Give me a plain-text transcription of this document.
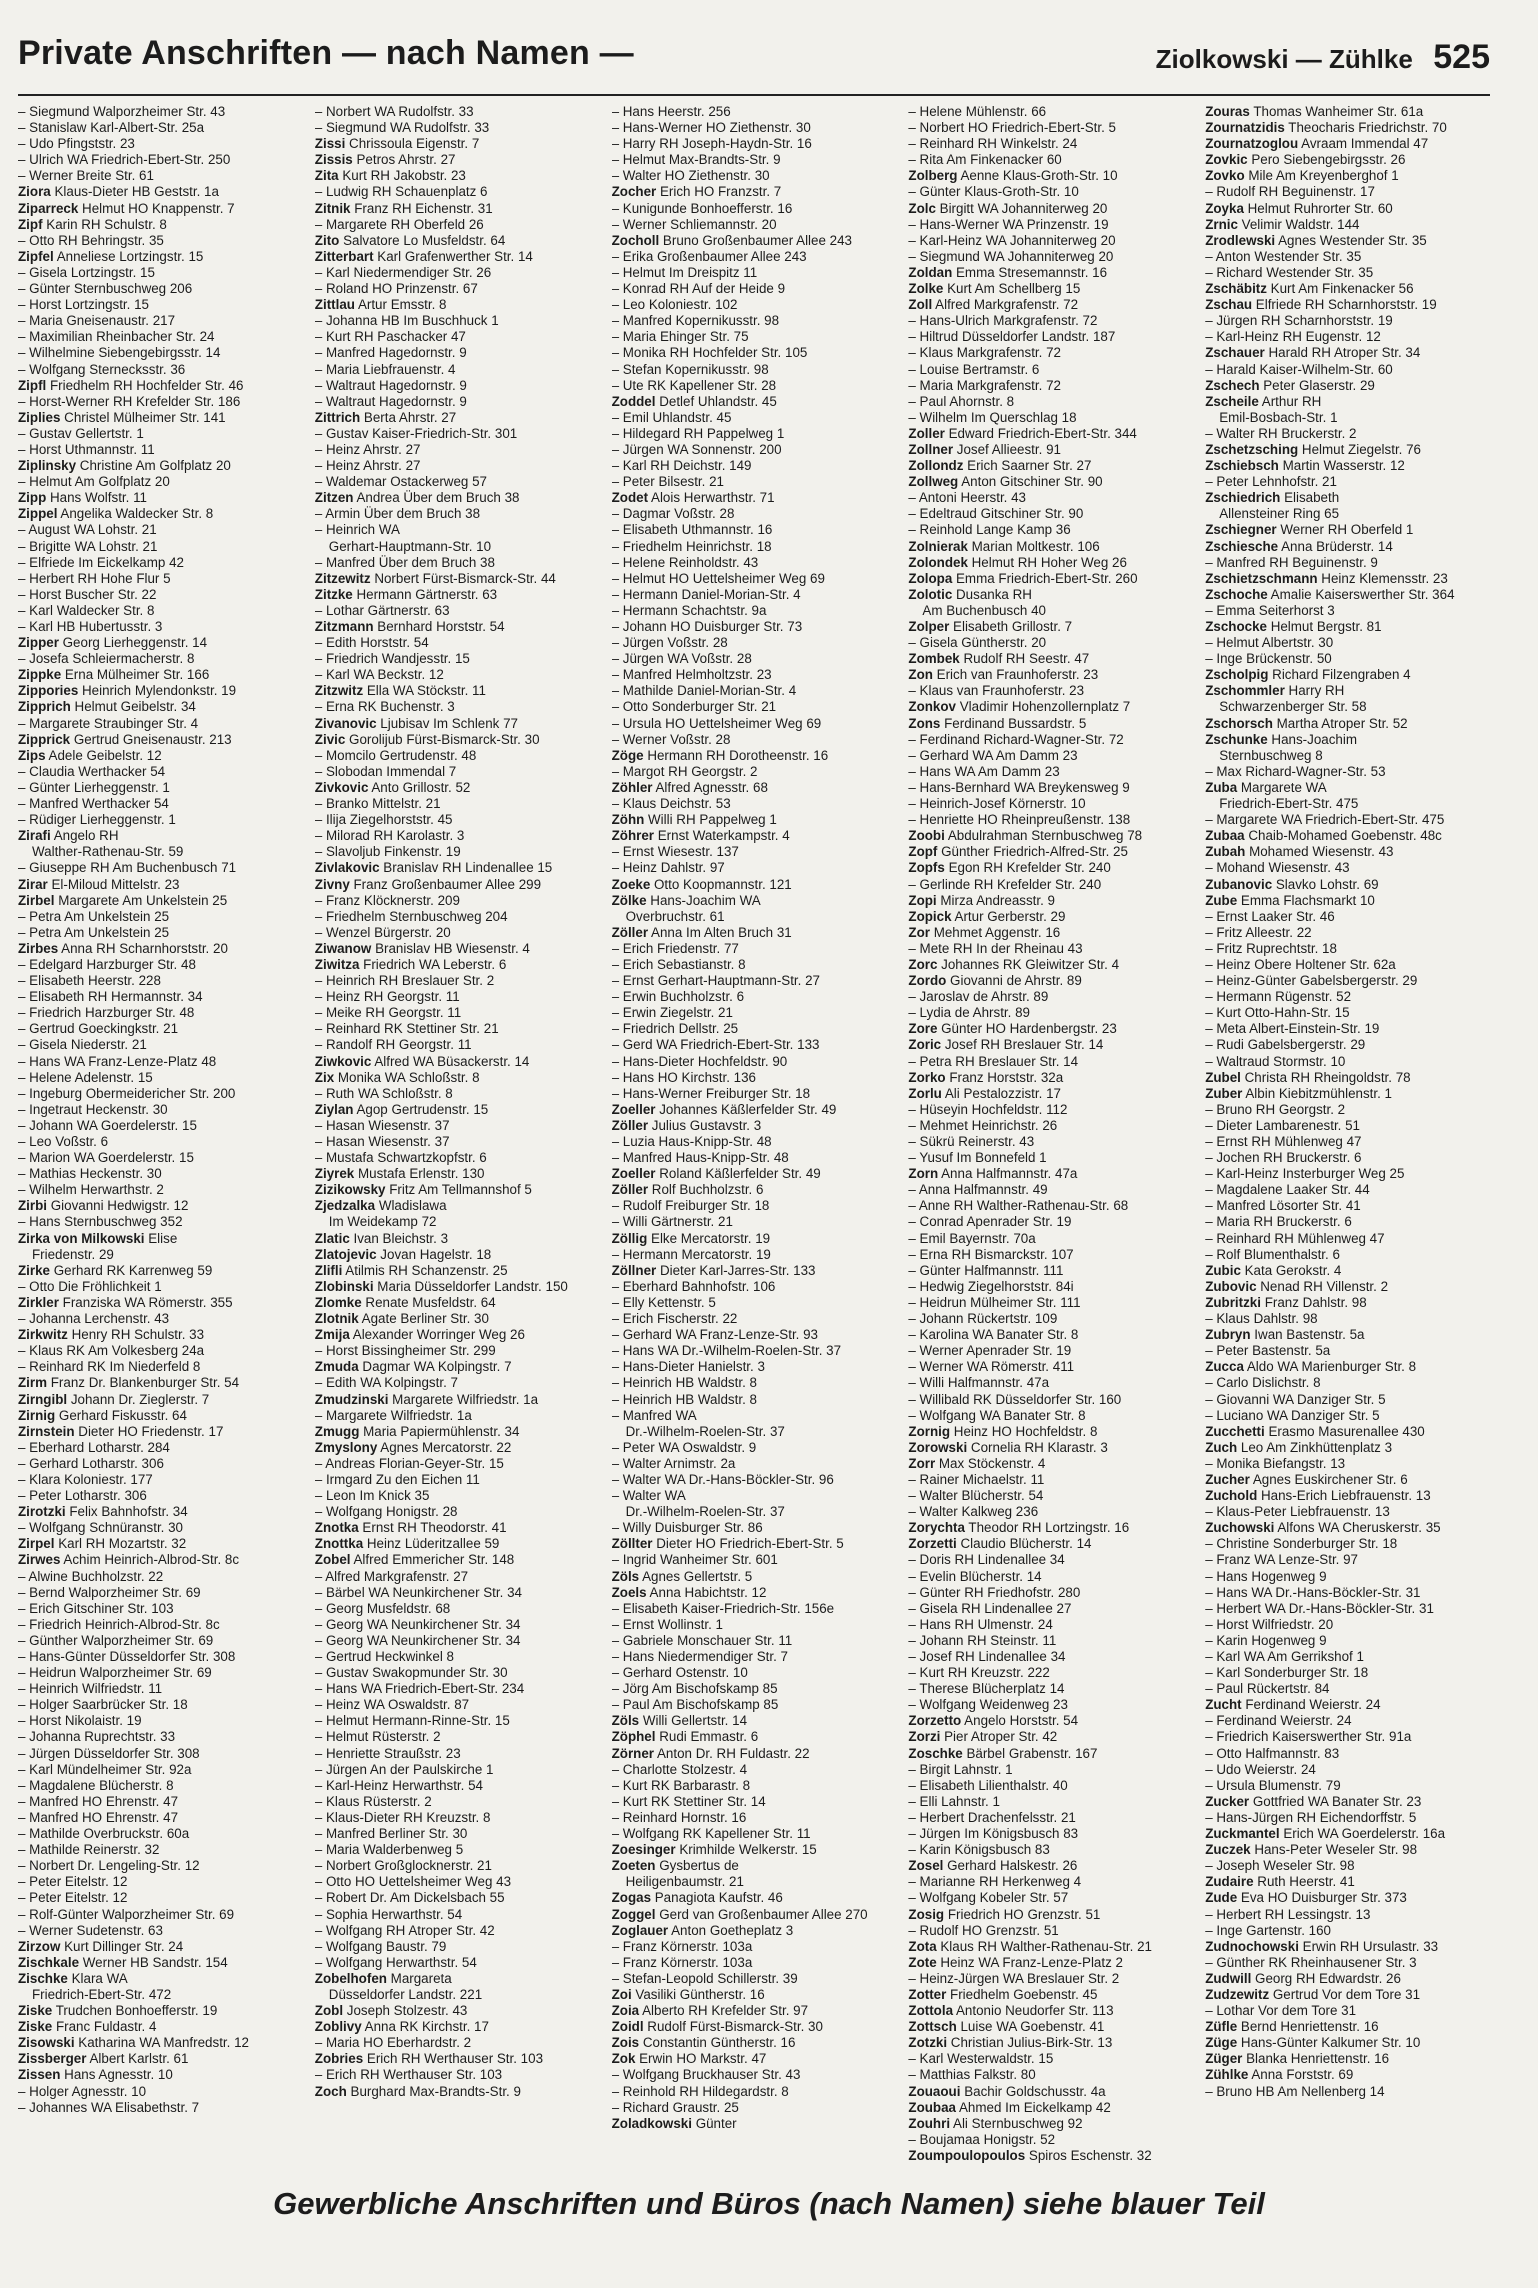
Private Anschriften — nach Namen —	Ziolkowski — Zühlke 525
– Siegmund Walporzheimer Str. 43
– Stanislaw Karl-Albert-Str. 25a
– Udo Pfingststr. 23
– Ulrich WA Friedrich-Ebert-Str. 250
– Werner Breite Str. 61
Ziora Klaus-Dieter HB Geststr. 1a
Ziparreck Helmut HO Knappenstr. 7
Zipf Karin RH Schulstr. 8
– Otto RH Behringstr. 35
Zipfel Anneliese Lortzingstr. 15
– Gisela Lortzingstr. 15
– Günter Sternbuschweg 206
– Horst Lortzingstr. 15
– Maria Gneisenaustr. 217
– Maximilian Rheinbacher Str. 24
– Wilhelmine Siebengebirgsstr. 14
– Wolfgang Sternecksstr. 36
Zipfl Friedhelm RH Hochfelder Str. 46
– Horst-Werner RH Krefelder Str. 186
Ziplies Christel Mülheimer Str. 141
– Gustav Gellertstr. 1
– Horst Uthmannstr. 11
Ziplinsky Christine Am Golfplatz 20
– Helmut Am Golfplatz 20
Zipp Hans Wolfstr. 11
Zippel Angelika Waldecker Str. 8
– August WA Lohstr. 21
– Brigitte WA Lohstr. 21
– Elfriede Im Eickelkamp 42
– Herbert RH Hohe Flur 5
– Horst Buscher Str. 22
– Karl Waldecker Str. 8
– Karl HB Hubertusstr. 3
Zipper Georg Lierheggenstr. 14
– Josefa Schleiermacherstr. 8
Zippke Erna Mülheimer Str. 166
Zippories Heinrich Mylendonkstr. 19
Zipprich Helmut Geibelstr. 34
– Margarete Straubinger Str. 4
Zipprick Gertrud Gneisenaustr. 213
Zips Adele Geibelstr. 12
– Claudia Werthacker 54
– Günter Lierheggenstr. 1
– Manfred Werthacker 54
– Rüdiger Lierheggenstr. 1
Zirafi Angelo RH
Walther-Rathenau-Str. 59
– Giuseppe RH Am Buchenbusch 71
Zirar El-Miloud Mittelstr. 23
Zirbel Margarete Am Unkelstein 25
– Petra Am Unkelstein 25
– Petra Am Unkelstein 25
Zirbes Anna RH Scharnhorststr. 20
– Edelgard Harzburger Str. 48
– Elisabeth Heerstr. 228
– Elisabeth RH Hermannstr. 34
– Friedrich Harzburger Str. 48
– Gertrud Goeckingkstr. 21
– Gisela Niederstr. 21
– Hans WA Franz-Lenze-Platz 48
– Helene Adelenstr. 15
– Ingeburg Obermeidericher Str. 200
– Ingetraut Heckenstr. 30
– Johann WA Goerdelerstr. 15
– Leo Voßstr. 6
– Marion WA Goerdelerstr. 15
– Mathias Heckenstr. 30
– Wilhelm Herwarthstr. 2
Zirbi Giovanni Hedwigstr. 12
– Hans Sternbuschweg 352
Zirka von Milkowski Elise
Friedenstr. 29
Zirke Gerhard RK Karrenweg 59
– Otto Die Fröhlichkeit 1
Zirkler Franziska WA Römerstr. 355
– Johanna Lerchenstr. 43
Zirkwitz Henry RH Schulstr. 33
– Klaus RK Am Volkesberg 24a
– Reinhard RK Im Niederfeld 8
Zirm Franz Dr. Blankenburger Str. 54
Zirngibl Johann Dr. Zieglerstr. 7
Zirnig Gerhard Fiskusstr. 64
Zirnstein Dieter HO Friedenstr. 17
– Eberhard Lotharstr. 284
– Gerhard Lotharstr. 306
– Klara Koloniestr. 177
– Peter Lotharstr. 306
Zirotzki Felix Bahnhofstr. 34
– Wolfgang Schnüranstr. 30
Zirpel Karl RH Mozartstr. 32
Zirwes Achim Heinrich-Albrod-Str. 8c
– Alwine Buchholzstr. 22
– Bernd Walporzheimer Str. 69
– Erich Gitschiner Str. 103
– Friedrich Heinrich-Albrod-Str. 8c
– Günther Walporzheimer Str. 69
– Hans-Günter Düsseldorfer Str. 308
– Heidrun Walporzheimer Str. 69
– Heinrich Wilfriedstr. 11
– Holger Saarbrücker Str. 18
– Horst Nikolaistr. 19
– Johanna Ruprechtstr. 33
– Jürgen Düsseldorfer Str. 308
– Karl Mündelheimer Str. 92a
– Magdalene Blücherstr. 8
– Manfred HO Ehrenstr. 47
– Manfred HO Ehrenstr. 47
– Mathilde Overbruckstr. 60a
– Mathilde Reinerstr. 32
– Norbert Dr. Lengeling-Str. 12
– Peter Eitelstr. 12
– Peter Eitelstr. 12
– Rolf-Günter Walporzheimer Str. 69
– Werner Sudetenstr. 63
Zirzow Kurt Dillinger Str. 24
Zischkale Werner HB Sandstr. 154
Zischke Klara WA
Friedrich-Ebert-Str. 472
Ziske Trudchen Bonhoefferstr. 19
Ziske Franc Fuldastr. 4
Zisowski Katharina WA Manfredstr. 12
Zissberger Albert Karlstr. 61
Zissen Hans Agnesstr. 10
– Holger Agnesstr. 10
– Johannes WA Elisabethstr. 7
– Norbert WA Rudolfstr. 33
– Siegmund WA Rudolfstr. 33
Zissi Chrissoula Eigenstr. 7
Zissis Petros Ahrstr. 27
Zita Kurt RH Jakobstr. 23
– Ludwig RH Schauenplatz 6
Zitnik Franz RH Eichenstr. 31
– Margarete RH Oberfeld 26
Zito Salvatore Lo Musfeldstr. 64
Zitterbart Karl Grafenwerther Str. 14
– Karl Niedermendiger Str. 26
– Roland HO Prinzenstr. 67
Zittlau Artur Emsstr. 8
– Johanna HB Im Buschhuck 1
– Kurt RH Paschacker 47
– Manfred Hagedornstr. 9
– Maria Liebfrauenstr. 4
– Waltraut Hagedornstr. 9
– Waltraut Hagedornstr. 9
Zittrich Berta Ahrstr. 27
– Gustav Kaiser-Friedrich-Str. 301
– Heinz Ahrstr. 27
– Heinz Ahrstr. 27
– Waldemar Ostackerweg 57
Zitzen Andrea Über dem Bruch 38
– Armin Über dem Bruch 38
– Heinrich WA
Gerhart-Hauptmann-Str. 10
– Manfred Über dem Bruch 38
Zitzewitz Norbert Fürst-Bismarck-Str. 44
Zitzke Hermann Gärtnerstr. 63
– Lothar Gärtnerstr. 63
Zitzmann Bernhard Horststr. 54
– Edith Horststr. 54
– Friedrich Wandjesstr. 15
– Karl WA Beckstr. 12
Zitzwitz Ella WA Stöckstr. 11
– Erna RK Buchenstr. 3
Zivanovic Ljubisav Im Schlenk 77
Zivic Gorolijub Fürst-Bismarck-Str. 30
– Momcilo Gertrudenstr. 48
– Slobodan Immendal 7
Zivkovic Anto Grillostr. 52
– Branko Mittelstr. 21
– Ilija Ziegelhorststr. 45
– Milorad RH Karolastr. 3
– Slavoljub Finkenstr. 19
Zivlakovic Branislav RH Lindenallee 15
Zivny Franz Großenbaumer Allee 299
– Franz Klöcknerstr. 209
– Friedhelm Sternbuschweg 204
– Wenzel Bürgerstr. 20
Ziwanow Branislav HB Wiesenstr. 4
Ziwitza Friedrich WA Leberstr. 6
– Heinrich RH Breslauer Str. 2
– Heinz RH Georgstr. 11
– Meike RH Georgstr. 11
– Reinhard RK Stettiner Str. 21
– Randolf RH Georgstr. 11
Ziwkovic Alfred WA Büsackerstr. 14
Zix Monika WA Schloßstr. 8
– Ruth WA Schloßstr. 8
Ziylan Agop Gertrudenstr. 15
– Hasan Wiesenstr. 37
– Hasan Wiesenstr. 37
– Mustafa Schwartzkopfstr. 6
Ziyrek Mustafa Erlenstr. 130
Zizikowsky Fritz Am Tellmannshof 5
Zjedzalka Wladislawa
Im Weidekamp 72
Zlatic Ivan Bleichstr. 3
Zlatojevic Jovan Hagelstr. 18
Zlifli Atilmis RH Schanzenstr. 25
Zlobinski Maria Düsseldorfer Landstr. 150
Zlomke Renate Musfeldstr. 64
Zlotnik Agate Berliner Str. 30
Zmija Alexander Worringer Weg 26
– Horst Bissingheimer Str. 299
Zmuda Dagmar WA Kolpingstr. 7
– Edith WA Kolpingstr. 7
Zmudzinski Margarete Wilfriedstr. 1a
– Margarete Wilfriedstr. 1a
Zmugg Maria Papiermühlenstr. 34
Zmyslony Agnes Mercatorstr. 22
– Andreas Florian-Geyer-Str. 15
– Irmgard Zu den Eichen 11
– Leon Im Knick 35
– Wolfgang Honigstr. 28
Znotka Ernst RH Theodorstr. 41
Znottka Heinz Lüderitzallee 59
Zobel Alfred Emmericher Str. 148
– Alfred Markgrafenstr. 27
– Bärbel WA Neunkirchener Str. 34
– Georg Musfeldstr. 68
– Georg WA Neunkirchener Str. 34
– Georg WA Neunkirchener Str. 34
– Gertrud Heckwinkel 8
– Gustav Swakopmunder Str. 30
– Hans WA Friedrich-Ebert-Str. 234
– Heinz WA Oswaldstr. 87
– Helmut Hermann-Rinne-Str. 15
– Helmut Rüsterstr. 2
– Henriette Straußstr. 23
– Jürgen An der Paulskirche 1
– Karl-Heinz Herwarthstr. 54
– Klaus Rüsterstr. 2
– Klaus-Dieter RH Kreuzstr. 8
– Manfred Berliner Str. 30
– Maria Walderbenweg 5
– Norbert Großglocknerstr. 21
– Otto HO Uettelsheimer Weg 43
– Robert Dr. Am Dickelsbach 55
– Sophia Herwarthstr. 54
– Wolfgang RH Atroper Str. 42
– Wolfgang Baustr. 79
– Wolfgang Herwarthstr. 54
Zobelhofen Margareta
Düsseldorfer Landstr. 221
Zobl Joseph Stolzestr. 43
Zoblivy Anna RK Kirchstr. 17
– Maria HO Eberhardstr. 2
Zobries Erich RH Werthauser Str. 103
– Erich RH Werthauser Str. 103
Zoch Burghard Max-Brandts-Str. 9
– Hans Heerstr. 256
– Hans-Werner HO Ziethenstr. 30
– Harry RH Joseph-Haydn-Str. 16
– Helmut Max-Brandts-Str. 9
– Walter HO Ziethenstr. 30
Zocher Erich HO Franzstr. 7
– Kunigunde Bonhoefferstr. 16
– Werner Schliemannstr. 20
Zocholl Bruno Großenbaumer Allee 243
– Erika Großenbaumer Allee 243
– Helmut Im Dreispitz 11
– Konrad RH Auf der Heide 9
– Leo Koloniestr. 102
– Manfred Kopernikusstr. 98
– Maria Ehinger Str. 75
– Monika RH Hochfelder Str. 105
– Stefan Kopernikusstr. 98
– Ute RK Kapellener Str. 28
Zoddel Detlef Uhlandstr. 45
– Emil Uhlandstr. 45
– Hildegard RH Pappelweg 1
– Jürgen WA Sonnenstr. 200
– Karl RH Deichstr. 149
– Peter Bilsestr. 21
Zodet Alois Herwarthstr. 71
– Dagmar Voßstr. 28
– Elisabeth Uthmannstr. 16
– Friedhelm Heinrichstr. 18
– Helene Reinholdstr. 43
– Helmut HO Uettelsheimer Weg 69
– Hermann Daniel-Morian-Str. 4
– Hermann Schachtstr. 9a
– Johann HO Duisburger Str. 73
– Jürgen Voßstr. 28
– Jürgen WA Voßstr. 28
– Manfred Helmholtzstr. 23
– Mathilde Daniel-Morian-Str. 4
– Otto Sonderburger Str. 21
– Ursula HO Uettelsheimer Weg 69
– Werner Voßstr. 28
Zöge Hermann RH Dorotheenstr. 16
– Margot RH Georgstr. 2
Zöhler Alfred Agnesstr. 68
– Klaus Deichstr. 53
Zöhn Willi RH Pappelweg 1
Zöhrer Ernst Waterkampstr. 4
– Ernst Wiesestr. 137
– Heinz Dahlstr. 97
Zoeke Otto Koopmannstr. 121
Zölke Hans-Joachim WA
Overbruchstr. 61
Zöller Anna Im Alten Bruch 31
– Erich Friedenstr. 77
– Erich Sebastianstr. 8
– Ernst Gerhart-Hauptmann-Str. 27
– Erwin Buchholzstr. 6
– Erwin Ziegelstr. 21
– Friedrich Dellstr. 25
– Gerd WA Friedrich-Ebert-Str. 133
– Hans-Dieter Hochfeldstr. 90
– Hans HO Kirchstr. 136
– Hans-Werner Freiburger Str. 18
Zoeller Johannes Käßlerfelder Str. 49
Zöller Julius Gustavstr. 3
– Luzia Haus-Knipp-Str. 48
– Manfred Haus-Knipp-Str. 48
Zoeller Roland Käßlerfelder Str. 49
Zöller Rolf Buchholzstr. 6
– Rudolf Freiburger Str. 18
– Willi Gärtnerstr. 21
Zöllig Elke Mercatorstr. 19
– Hermann Mercatorstr. 19
Zöllner Dieter Karl-Jarres-Str. 133
– Eberhard Bahnhofstr. 106
– Elly Kettenstr. 5
– Erich Fischerstr. 22
– Gerhard WA Franz-Lenze-Str. 93
– Hans WA Dr.-Wilhelm-Roelen-Str. 37
– Hans-Dieter Hanielstr. 3
– Heinrich HB Waldstr. 8
– Heinrich HB Waldstr. 8
– Manfred WA
Dr.-Wilhelm-Roelen-Str. 37
– Peter WA Oswaldstr. 9
– Walter Arnimstr. 2a
– Walter WA Dr.-Hans-Böckler-Str. 96
– Walter WA
Dr.-Wilhelm-Roelen-Str. 37
– Willy Duisburger Str. 86
Zöllter Dieter HO Friedrich-Ebert-Str. 5
– Ingrid Wanheimer Str. 601
Zöls Agnes Gellertstr. 5
Zoels Anna Habichtstr. 12
– Elisabeth Kaiser-Friedrich-Str. 156e
– Ernst Wollinstr. 1
– Gabriele Monschauer Str. 11
– Hans Niedermendiger Str. 7
– Gerhard Ostenstr. 10
– Jörg Am Bischofskamp 85
– Paul Am Bischofskamp 85
Zöls Willi Gellertstr. 14
Zöphel Rudi Emmastr. 6
Zörner Anton Dr. RH Fuldastr. 22
– Charlotte Stolzestr. 4
– Kurt RK Barbarastr. 8
– Kurt RK Stettiner Str. 14
– Reinhard Hornstr. 16
– Wolfgang RK Kapellener Str. 11
Zoesinger Krimhilde Welkerstr. 15
Zoeten Gysbertus de
Heiligenbaumstr. 21
Zogas Panagiota Kaufstr. 46
Zoggel Gerd van Großenbaumer Allee 270
Zoglauer Anton Goetheplatz 3
– Franz Körnerstr. 103a
– Franz Körnerstr. 103a
– Stefan-Leopold Schillerstr. 39
Zoi Vasiliki Güntherstr. 16
Zoia Alberto RH Krefelder Str. 97
Zoidl Rudolf Fürst-Bismarck-Str. 30
Zois Constantin Güntherstr. 16
Zok Erwin HO Markstr. 47
– Wolfgang Bruckhauser Str. 43
– Reinhold RH Hildegardstr. 8
– Richard Graustr. 25
Zoladkowski Günter
– Helene Mühlenstr. 66
– Norbert HO Friedrich-Ebert-Str. 5
– Reinhard RH Winkelstr. 24
– Rita Am Finkenacker 60
Zolberg Aenne Klaus-Groth-Str. 10
– Günter Klaus-Groth-Str. 10
Zolc Birgitt WA Johanniterweg 20
– Hans-Werner WA Prinzenstr. 19
– Karl-Heinz WA Johanniterweg 20
– Siegmund WA Johanniterweg 20
Zoldan Emma Stresemannstr. 16
Zolke Kurt Am Schellberg 15
Zoll Alfred Markgrafenstr. 72
– Hans-Ulrich Markgrafenstr. 72
– Hiltrud Düsseldorfer Landstr. 187
– Klaus Markgrafenstr. 72
– Louise Bertramstr. 6
– Maria Markgrafenstr. 72
– Paul Ahornstr. 8
– Wilhelm Im Querschlag 18
Zoller Edward Friedrich-Ebert-Str. 344
Zollner Josef Allieestr. 91
Zollondz Erich Saarner Str. 27
Zollweg Anton Gitschiner Str. 90
– Antoni Heerstr. 43
– Edeltraud Gitschiner Str. 90
– Reinhold Lange Kamp 36
Zolnierak Marian Moltkestr. 106
Zolondek Helmut RH Hoher Weg 26
Zolopa Emma Friedrich-Ebert-Str. 260
Zolotic Dusanka RH
Am Buchenbusch 40
Zolper Elisabeth Grillostr. 7
– Gisela Güntherstr. 20
Zombek Rudolf RH Seestr. 47
Zon Erich van Fraunhoferstr. 23
– Klaus van Fraunhoferstr. 23
Zonkov Vladimir Hohenzollernplatz 7
Zons Ferdinand Bussardstr. 5
– Ferdinand Richard-Wagner-Str. 72
– Gerhard WA Am Damm 23
– Hans WA Am Damm 23
– Hans-Bernhard WA Breykensweg 9
– Heinrich-Josef Körnerstr. 10
– Henriette HO Rheinpreußenstr. 138
Zoobi Abdulrahman Sternbuschweg 78
Zopf Günther Friedrich-Alfred-Str. 25
Zopfs Egon RH Krefelder Str. 240
– Gerlinde RH Krefelder Str. 240
Zopi Mirza Andreasstr. 9
Zopick Artur Gerberstr. 29
Zor Mehmet Aggenstr. 16
– Mete RH In der Rheinau 43
Zorc Johannes RK Gleiwitzer Str. 4
Zordo Giovanni de Ahrstr. 89
– Jaroslav de Ahrstr. 89
– Lydia de Ahrstr. 89
Zore Günter HO Hardenbergstr. 23
Zoric Josef RH Breslauer Str. 14
– Petra RH Breslauer Str. 14
Zorko Franz Horststr. 32a
Zorlu Ali Pestalozzistr. 17
– Hüseyin Hochfeldstr. 112
– Mehmet Heinrichstr. 26
– Sükrü Reinerstr. 43
– Yusuf Im Bonnefeld 1
Zorn Anna Halfmannstr. 47a
– Anna Halfmannstr. 49
– Anne RH Walther-Rathenau-Str. 68
– Conrad Apenrader Str. 19
– Emil Bayernstr. 70a
– Erna RH Bismarckstr. 107
– Günter Halfmannstr. 111
– Hedwig Ziegelhorststr. 84i
– Heidrun Mülheimer Str. 111
– Johann Rückertstr. 109
– Karolina WA Banater Str. 8
– Werner Apenrader Str. 19
– Werner WA Römerstr. 411
– Willi Halfmannstr. 47a
– Willibald RK Düsseldorfer Str. 160
– Wolfgang WA Banater Str. 8
Zornig Heinz HO Hochfeldstr. 8
Zorowski Cornelia RH Klarastr. 3
Zorr Max Stöckenstr. 4
– Rainer Michaelstr. 11
– Walter Blücherstr. 54
– Walter Kalkweg 236
Zorychta Theodor RH Lortzingstr. 16
Zorzetti Claudio Blücherstr. 14
– Doris RH Lindenallee 34
– Evelin Blücherstr. 14
– Günter RH Friedhofstr. 280
– Gisela RH Lindenallee 27
– Hans RH Ulmenstr. 24
– Johann RH Steinstr. 11
– Josef RH Lindenallee 34
– Kurt RH Kreuzstr. 222
– Therese Blücherplatz 14
– Wolfgang Weidenweg 23
Zorzetto Angelo Horststr. 54
Zorzi Pier Atroper Str. 42
Zoschke Bärbel Grabenstr. 167
– Birgit Lahnstr. 1
– Elisabeth Lilienthalstr. 40
– Elli Lahnstr. 1
– Herbert Drachenfelsstr. 21
– Jürgen Im Königsbusch 83
– Karin Königsbusch 83
Zosel Gerhard Halskestr. 26
– Marianne RH Herkenweg 4
– Wolfgang Kobeler Str. 57
Zosig Friedrich HO Grenzstr. 51
– Rudolf HO Grenzstr. 51
Zota Klaus RH Walther-Rathenau-Str. 21
Zote Heinz WA Franz-Lenze-Platz 2
– Heinz-Jürgen WA Breslauer Str. 2
Zotter Friedhelm Goebenstr. 45
Zottola Antonio Neudorfer Str. 113
Zottsch Luise WA Goebenstr. 41
Zotzki Christian Julius-Birk-Str. 13
– Karl Westerwaldstr. 15
– Matthias Falkstr. 80
Zouaoui Bachir Goldschusstr. 4a
Zoubaa Ahmed Im Eickelkamp 42
Zouhri Ali Sternbuschweg 92
– Boujamaa Honigstr. 52
Zoumpoulopoulos Spiros Eschenstr. 32
Zouras Thomas Wanheimer Str. 61a
Zournatzidis Theocharis Friedrichstr. 70
Zournatzoglou Avraam Immendal 47
Zovkic Pero Siebengebirgsstr. 26
Zovko Mile Am Kreyenberghof 1
– Rudolf RH Beguinenstr. 17
Zoyka Helmut Ruhrorter Str. 60
Zrnic Velimir Waldstr. 144
Zrodlewski Agnes Westender Str. 35
– Anton Westender Str. 35
– Richard Westender Str. 35
Zschäbitz Kurt Am Finkenacker 56
Zschau Elfriede RH Scharnhorststr. 19
– Jürgen RH Scharnhorststr. 19
– Karl-Heinz RH Eugenstr. 12
Zschauer Harald RH Atroper Str. 34
– Harald Kaiser-Wilhelm-Str. 60
Zschech Peter Glaserstr. 29
Zscheile Arthur RH
Emil-Bosbach-Str. 1
– Walter RH Bruckerstr. 2
Zschetzsching Helmut Ziegelstr. 76
Zschiebsch Martin Wasserstr. 12
– Peter Lehnhofstr. 21
Zschiedrich Elisabeth
Allensteiner Ring 65
Zschiegner Werner RH Oberfeld 1
Zschiesche Anna Brüderstr. 14
– Manfred RH Beguinenstr. 9
Zschietzschmann Heinz Klemensstr. 23
Zschoche Amalie Kaiserswerther Str. 364
– Emma Seiterhorst 3
Zschocke Helmut Bergstr. 81
– Helmut Albertstr. 30
– Inge Brückenstr. 50
Zscholpig Richard Filzengraben 4
Zschommler Harry RH
Schwarzenberger Str. 58
Zschorsch Martha Atroper Str. 52
Zschunke Hans-Joachim
Sternbuschweg 8
– Max Richard-Wagner-Str. 53
Zuba Margarete WA
Friedrich-Ebert-Str. 475
– Margarete WA Friedrich-Ebert-Str. 475
Zubaa Chaib-Mohamed Goebenstr. 48c
Zubah Mohamed Wiesenstr. 43
– Mohand Wiesenstr. 43
Zubanovic Slavko Lohstr. 69
Zube Emma Flachsmarkt 10
– Ernst Laaker Str. 46
– Fritz Alleestr. 22
– Fritz Ruprechtstr. 18
– Heinz Obere Holtener Str. 62a
– Heinz-Günter Gabelsbergerstr. 29
– Hermann Rügenstr. 52
– Kurt Otto-Hahn-Str. 15
– Meta Albert-Einstein-Str. 19
– Rudi Gabelsbergerstr. 29
– Waltraud Stormstr. 10
Zubel Christa RH Rheingoldstr. 78
Zuber Albin Kiebitzmühlenstr. 1
– Bruno RH Georgstr. 2
– Dieter Lambarenestr. 51
– Ernst RH Mühlenweg 47
– Jochen RH Bruckerstr. 6
– Karl-Heinz Insterburger Weg 25
– Magdalene Laaker Str. 44
– Manfred Lösorter Str. 41
– Maria RH Bruckerstr. 6
– Reinhard RH Mühlenweg 47
– Rolf Blumenthalstr. 6
Zubic Kata Gerokstr. 4
Zubovic Nenad RH Villenstr. 2
Zubritzki Franz Dahlstr. 98
– Klaus Dahlstr. 98
Zubryn Iwan Bastenstr. 5a
– Peter Bastenstr. 5a
Zucca Aldo WA Marienburger Str. 8
– Carlo Dislichstr. 8
– Giovanni WA Danziger Str. 5
– Luciano WA Danziger Str. 5
Zucchetti Erasmo Masurenallee 430
Zuch Leo Am Zinkhüttenplatz 3
– Monika Biefangstr. 13
Zucher Agnes Euskirchener Str. 6
Zuchold Hans-Erich Liebfrauenstr. 13
– Klaus-Peter Liebfrauenstr. 13
Zuchowski Alfons WA Cheruskerstr. 35
– Christine Sonderburger Str. 18
– Franz WA Lenze-Str. 97
– Hans Hogenweg 9
– Hans WA Dr.-Hans-Böckler-Str. 31
– Herbert WA Dr.-Hans-Böckler-Str. 31
– Horst Wilfriedstr. 20
– Karin Hogenweg 9
– Karl WA Am Gerrikshof 1
– Karl Sonderburger Str. 18
– Paul Rückertstr. 84
Zucht Ferdinand Weierstr. 24
– Ferdinand Weierstr. 24
– Friedrich Kaiserswerther Str. 91a
– Otto Halfmannstr. 83
– Udo Weierstr. 24
– Ursula Blumenstr. 79
Zucker Gottfried WA Banater Str. 23
– Hans-Jürgen RH Eichendorffstr. 5
Zuckmantel Erich WA Goerdelerstr. 16a
Zuczek Hans-Peter Weseler Str. 98
– Joseph Weseler Str. 98
Zudaire Ruth Heerstr. 41
Zude Eva HO Duisburger Str. 373
– Herbert RH Lessingstr. 13
– Inge Gartenstr. 160
Zudnochowski Erwin RH Ursulastr. 33
– Günther RK Rheinhausener Str. 3
Zudwill Georg RH Edwardstr. 26
Zudzewitz Gertrud Vor dem Tore 31
– Lothar Vor dem Tore 31
Züfle Bernd Henriettenstr. 16
Züge Hans-Günter Kalkumer Str. 10
Züger Blanka Henriettenstr. 16
Zühlke Anna Forststr. 69
– Bruno HB Am Nellenberg 14
Gewerbliche Anschriften und Büros (nach Namen) siehe blauer Teil
